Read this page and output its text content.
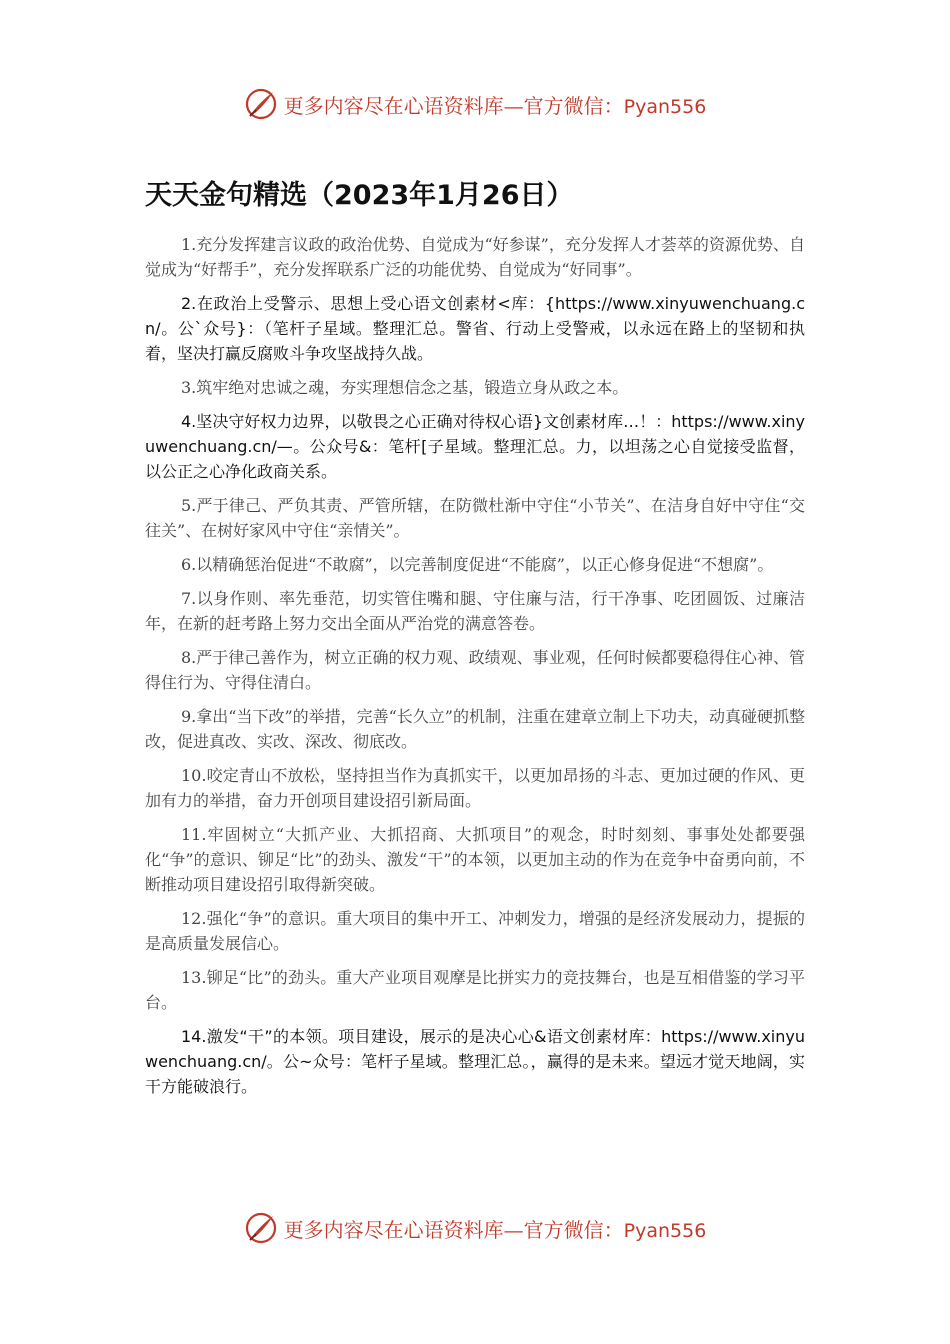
更多内容尽在心语资料库—官方微信：Pyan556
天天金句精选（2023年1月26日）

1.充分发挥建言议政的政治优势、自觉成为“好参谋”，充分发挥人才荟萃的资源优势、自觉成为“好帮手”，充分发挥联系广泛的功能优势、自觉成为“好同事”。

2.在政治上受警示、思想上受心语文创素材<库：{https://www.xinyuwenchuang.cn/。公`众号}：（笔杆子星域。整理汇总。警省、行动上受警戒，以永远在路上的坚韧和执着，坚决打赢反腐败斗争攻坚战持久战。

3.筑牢绝对忠诚之魂，夯实理想信念之基，锻造立身从政之本。

4.坚决守好权力边界，以敬畏之心正确对待权心语}文创素材库…！：https://www.xinyuwenchuang.cn/—。公众号&：笔杆[子星域。整理汇总。力，以坦荡之心自觉接受监督，以公正之心净化政商关系。

5.严于律己、严负其责、严管所辖，在防微杜渐中守住“小节关”、在洁身自好中守住“交往关”、在树好家风中守住“亲情关”。

6.以精确惩治促进“不敢腐”，以完善制度促进“不能腐”，以正心修身促进“不想腐”。

7.以身作则、率先垂范，切实管住嘴和腿、守住廉与洁，行干净事、吃团圆饭、过廉洁年，在新的赶考路上努力交出全面从严治党的满意答卷。

8.严于律己善作为，树立正确的权力观、政绩观、事业观，任何时候都要稳得住心神、管得住行为、守得住清白。

9.拿出“当下改”的举措，完善“长久立”的机制，注重在建章立制上下功夫，动真碰硬抓整改，促进真改、实改、深改、彻底改。

10.咬定青山不放松，坚持担当作为真抓实干，以更加昂扬的斗志、更加过硬的作风、更加有力的举措，奋力开创项目建设招引新局面。

11.牢固树立“大抓产业、大抓招商、大抓项目”的观念，时时刻刻、事事处处都要强化“争”的意识、铆足“比”的劲头、激发“干”的本领，以更加主动的作为在竞争中奋勇向前，不断推动项目建设招引取得新突破。

12.强化“争”的意识。重大项目的集中开工、冲刺发力，增强的是经济发展动力，提振的是高质量发展信心。

13.铆足“比”的劲头。重大产业项目观摩是比拼实力的竞技舞台，也是互相借鉴的学习平台。

14.激发“干”的本领。项目建设，展示的是决心心&语文创素材库：https://www.xinyuwenchuang.cn/。公~众号：笔杆子星域。整理汇总。，赢得的是未来。望远才觉天地阔，实干方能破浪行。

更多内容尽在心语资料库—官方微信：Pyan556
